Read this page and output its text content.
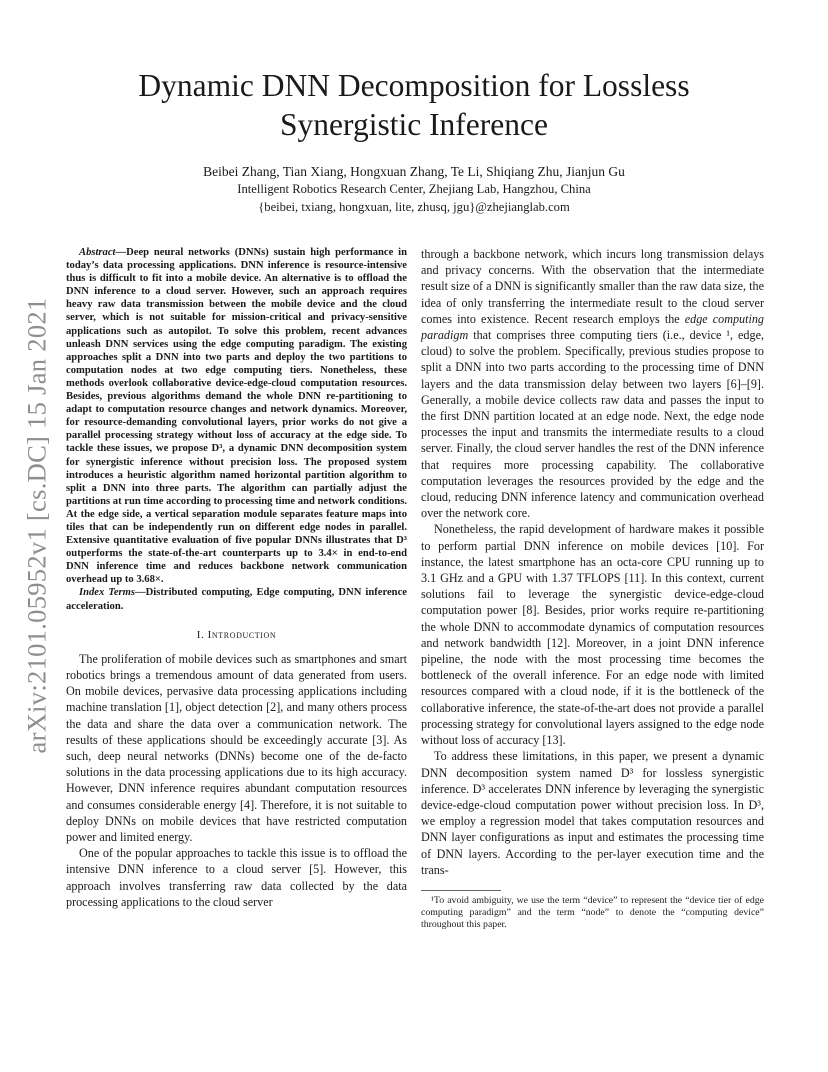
arXiv:2101.05952v1 [cs.DC] 15 Jan 2021
Dynamic DNN Decomposition for Lossless
Synergistic Inference
Beibei Zhang, Tian Xiang, Hongxuan Zhang, Te Li, Shiqiang Zhu, Jianjun Gu
Intelligent Robotics Research Center, Zhejiang Lab, Hangzhou, China
{beibei, txiang, hongxuan, lite, zhusq, jgu}@zhejianglab.com

Abstract—Deep neural networks (DNNs) sustain high performance in today’s data processing applications. DNN inference is resource-intensive thus is difficult to fit into a mobile device. An alternative is to offload the DNN inference to a cloud server. However, such an approach requires heavy raw data transmission between the mobile device and the cloud server, which is not suitable for mission-critical and privacy-sensitive applications such as autopilot. To solve this problem, recent advances unleash DNN services using the edge computing paradigm. The existing approaches split a DNN into two parts and deploy the two partitions to computation nodes at two edge computing tiers. Nonetheless, these methods overlook collaborative device-edge-cloud computation resources. Besides, previous algorithms demand the whole DNN re-partitioning to adapt to computation resource changes and network dynamics. Moreover, for resource-demanding convolutional layers, prior works do not give a parallel processing strategy without loss of accuracy at the edge side. To tackle these issues, we propose D³, a dynamic DNN decomposition system for synergistic inference without precision loss. The proposed system introduces a heuristic algorithm named horizontal partition algorithm to split a DNN into three parts. The algorithm can partially adjust the partitions at run time according to processing time and network conditions. At the edge side, a vertical separation module separates feature maps into tiles that can be independently run on different edge nodes in parallel. Extensive quantitative evaluation of five popular DNNs illustrates that D³ outperforms the state-of-the-art counterparts up to 3.4× in end-to-end DNN inference time and reduces backbone network communication overhead up to 3.68×.

Index Terms—Distributed computing, Edge computing, DNN inference acceleration.

I. Introduction

The proliferation of mobile devices such as smartphones and smart robotics brings a tremendous amount of data generated from users. On mobile devices, pervasive data processing applications including machine translation [1], object detection [2], and many others process the data and share the data over a communication network. The results of these applications should be exceedingly accurate [3]. As such, deep neural networks (DNNs) become one of the de-facto solutions in the data processing applications due to its high accuracy. However, DNN inference requires abundant computation resources and consumes considerable energy [4]. Therefore, it is not suitable to deploy DNNs on mobile devices that have restricted computation power and limited energy.

One of the popular approaches to tackle this issue is to offload the intensive DNN inference to a cloud server [5]. However, this approach involves transferring raw data collected by the data processing applications to the cloud server

through a backbone network, which incurs long transmission delays and privacy concerns. With the observation that the intermediate result size of a DNN is significantly smaller than the raw data size, the idea of only transferring the intermediate result to the cloud server comes into existence. Recent research employs the edge computing paradigm that comprises three computing tiers (i.e., device ¹, edge, cloud) to solve the problem. Specifically, previous studies propose to split a DNN into two parts according to the processing time of DNN layers and the data transmission delay between two layers [6]–[9]. Generally, a mobile device collects raw data and passes the input to the first DNN partition located at an edge node. Next, the edge node processes the input and transmits the intermediate results to a cloud server. Finally, the cloud server handles the rest of the DNN inference that requires more processing capability. The collaborative computation leverages the resources provided by the edge and the cloud, reducing DNN inference latency and communication overhead over the network core.

Nonetheless, the rapid development of hardware makes it possible to perform partial DNN inference on mobile devices [10]. For instance, the latest smartphone has an octa-core CPU running up to 3.1 GHz and a GPU with 1.37 TFLOPS [11]. In this context, current solutions fail to leverage the synergistic device-edge-cloud computation power [8]. Besides, prior works require re-partitioning the whole DNN to accommodate dynamics of computation resources and network bandwidth [12]. Moreover, in a joint DNN inference pipeline, the node with the most processing time becomes the bottleneck of the overall inference. For an edge node with limited resources compared with a cloud node, if it is the bottleneck of the collaborative inference, the state-of-the-art does not provide a parallel processing strategy for convolutional layers assigned to the edge node without loss of accuracy [13].

To address these limitations, in this paper, we present a dynamic DNN decomposition system named D³ for lossless synergistic inference. D³ accelerates DNN inference by leveraging the synergistic device-edge-cloud computation power without precision loss. In D³, we employ a regression model that takes computation resources and DNN layer configurations as input and estimates the processing time of DNN layers. According to the per-layer execution time and the trans-

¹To avoid ambiguity, we use the term “device” to represent the “device tier of edge computing paradigm” and the term “node” to denote the “computing device” throughout this paper.
